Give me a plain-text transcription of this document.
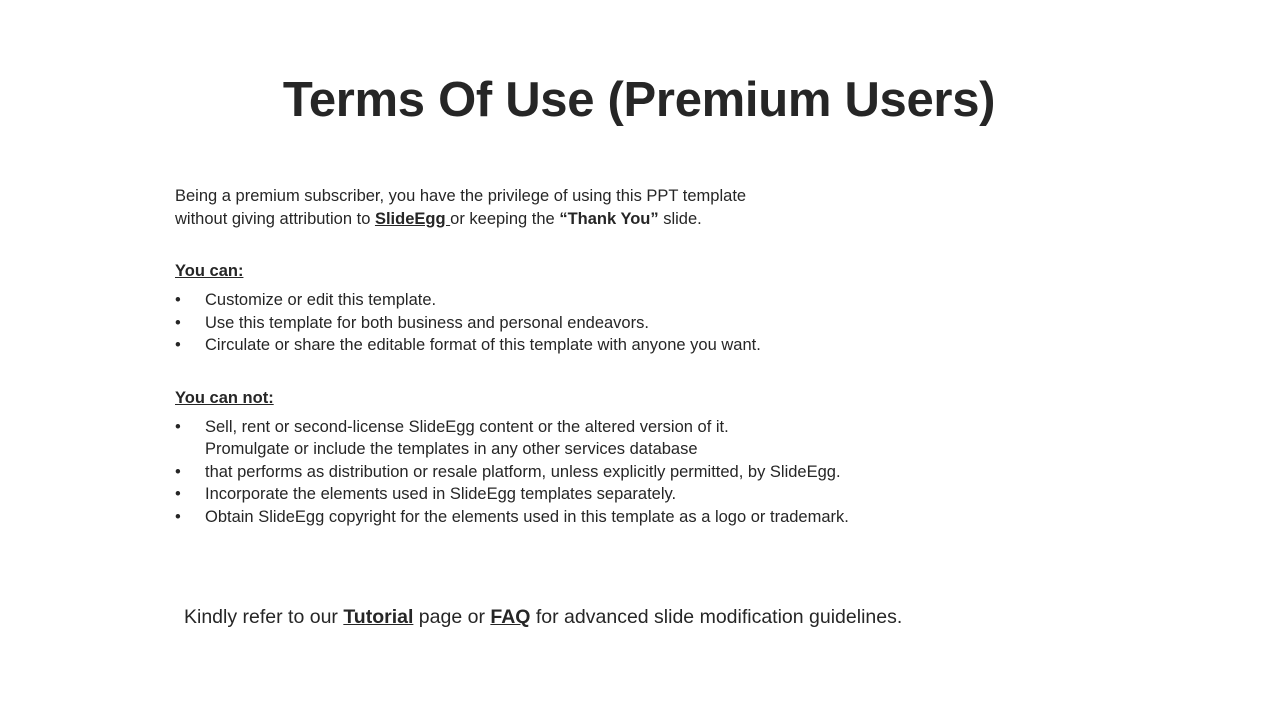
Terms Of Use (Premium Users)

Being a premium subscriber, you have the privilege of using this PPT template
without giving attribution to SlideEgg or keeping the “Thank You” slide.

You can:
• Customize or edit this template.
• Use this template for both business and personal endeavors.
• Circulate or share the editable format of this template with anyone you want.
You can not:
• Sell, rent or second-license SlideEgg content or the altered version of it.
Promulgate or include the templates in any other services database
• that performs as distribution or resale platform, unless explicitly permitted, by SlideEgg.
• Incorporate the elements used in SlideEgg templates separately.
• Obtain SlideEgg copyright for the elements used in this template as a logo or trademark.
Kindly refer to our Tutorial page or FAQ for advanced slide modification guidelines.
